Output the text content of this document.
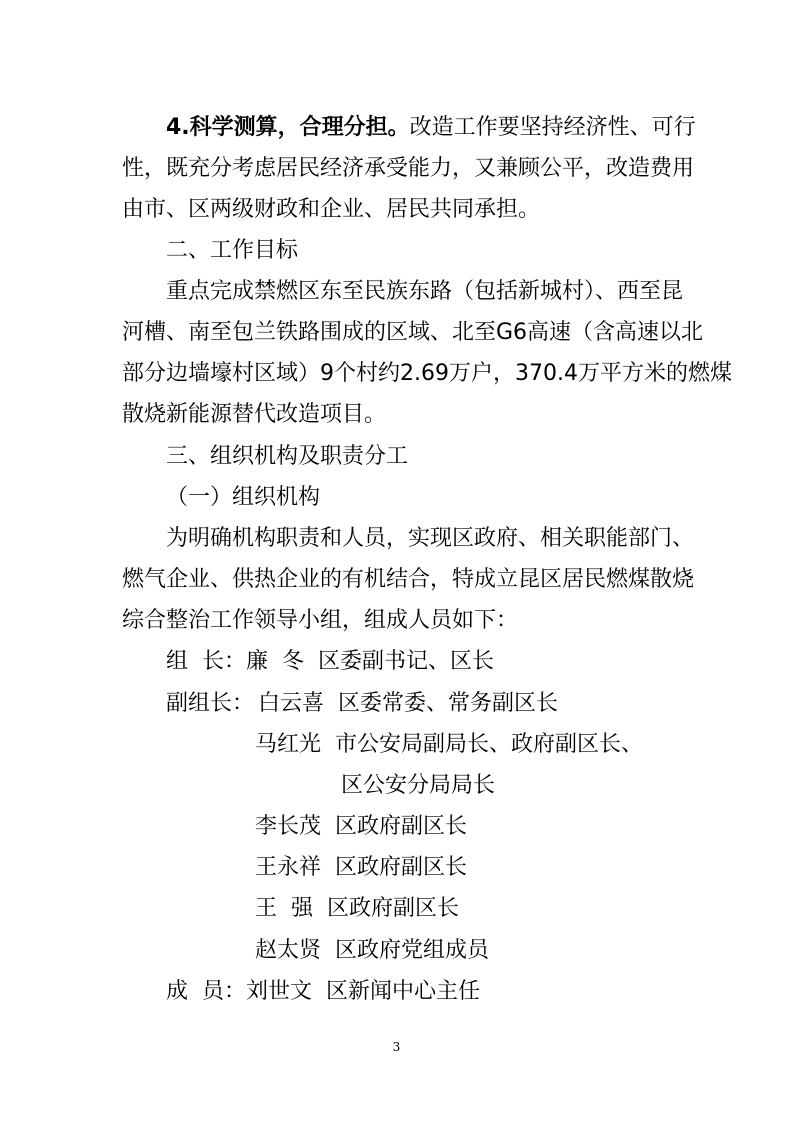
4.科学测算，合理分担。改造工作要坚持经济性、可行
性，既充分考虑居民经济承受能力，又兼顾公平，改造费用
由市、区两级财政和企业、居民共同承担。
二、工作目标
重点完成禁燃区东至民族东路（包括新城村）、西至昆
河槽、南至包兰铁路围成的区域、北至G6高速（含高速以北
部分边墙壕村区域）9个村约2.69万户，370.4万平方米的燃煤
散烧新能源替代改造项目。
三、组织机构及职责分工
（一）组织机构
为明确机构职责和人员，实现区政府、相关职能部门、
燃气企业、供热企业的有机结合，特成立昆区居民燃煤散烧
综合整治工作领导小组，组成人员如下：
组  长：廉  冬 区委副书记、区长
副组长： 白云喜 区委常委、常务副区长
马红光 市公安局副局长、政府副区长、
区公安分局局长
李长茂 区政府副区长
王永祥 区政府副区长
王  强 区政府副区长
赵太贤 区政府党组成员
成  员：刘世文 区新闻中心主任
3
